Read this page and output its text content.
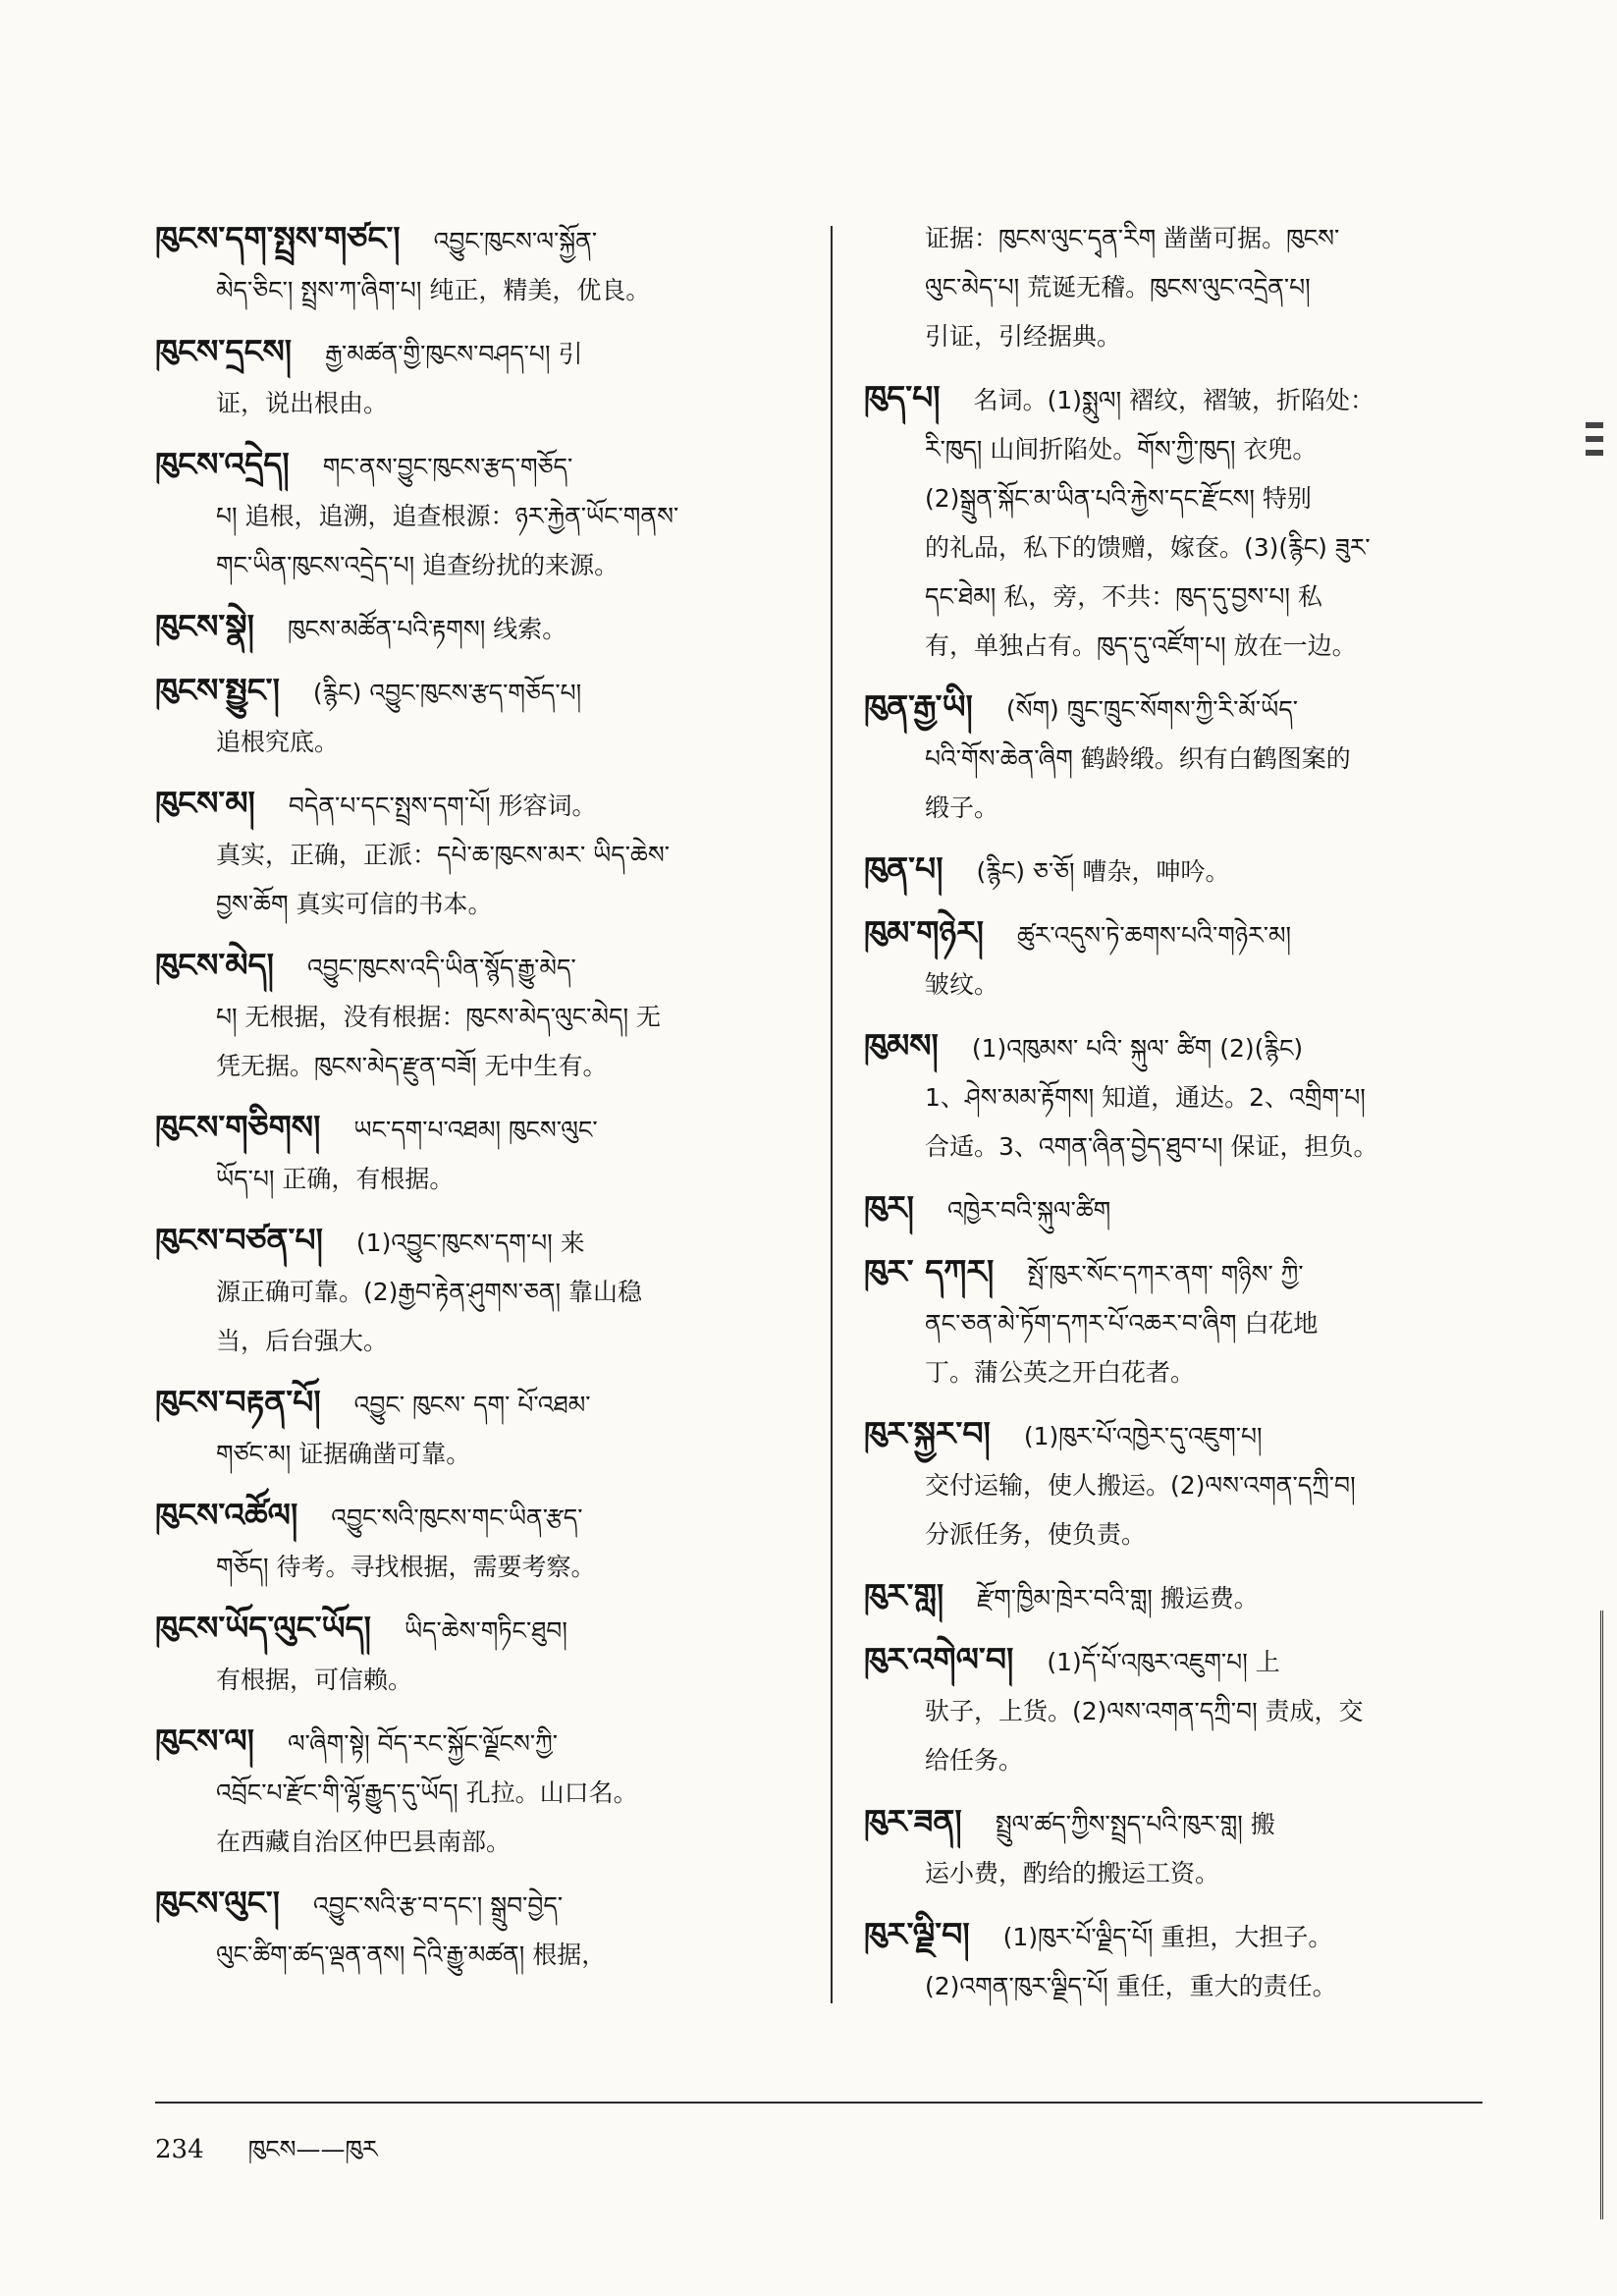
ཁུངས་དག་སྤྲས་གཙང་། འབྱུང་ཁུངས་ལ་སྐྱོན་
མེད་ཅིང་། སྤྲས་ཀ་ཞིག་པ། 纯正，精美，优良。
ཁུངས་དྲངས། རྒྱ་མཚན་གྱི་ཁུངས་བཤད་པ། 引
证，说出根由。
ཁུངས་འདྲེད། གང་ནས་བྱུང་ཁུངས་རྩད་གཅོད་
པ། 追根，追溯，追查根源：ཉར་རྐྱེན་ཡོང་གནས་
གང་ཡིན་ཁུངས་འདྲེད་པ། 追查纷扰的来源。
ཁུངས་སྣེ། ཁུངས་མཚོན་པའི་རྟགས། 线索。
ཁུངས་སྤྱུང་། (རྙིང) འབྱུང་ཁུངས་རྩད་གཅོད་པ།
追根究底。
ཁུངས་མ། བདེན་པ་དང་སྤྲས་དག་པོ། 形容词。
真实，正确，正派：དཔེ་ཆ་ཁུངས་མར་ ཡིད་ཆེས་
བྱས་ཆོག 真实可信的书本。
ཁུངས་མེད། འབྱུང་ཁུངས་འདི་ཡིན་སྙོད་རྒྱུ་མེད་
པ། 无根据，没有根据：ཁུངས་མེད་ལུང་མེད། 无
凭无据。ཁུངས་མེད་རྫུན་བཟོ། 无中生有。
ཁུངས་གཅིགས། ཡང་དག་པ་འཐམ། ཁུངས་ལུང་
ཡོད་པ། 正确，有根据。
ཁུངས་བཙན་པ། (1)འབྱུང་ཁུངས་དག་པ། 来
源正确可靠。(2)རྒྱབ་རྟེན་ཤུགས་ཅན། 靠山稳
当，后台强大。
ཁུངས་བརྟན་པོ། འབྱུང་ ཁུངས་ དག་ པོ་འཐམ་
གཙང་མ། 证据确凿可靠。
ཁུངས་འཚོལ། འབྱུང་སའི་ཁུངས་གང་ཡིན་རྩད་
གཅོད། 待考。寻找根据，需要考察。
ཁུངས་ཡོད་ལུང་ཡོད། ཡིད་ཆེས་གཏིང་ཐུབ།
有根据，可信赖。
ཁུངས་ལ། ལ་ཞིག་སྟེ། བོད་རང་སྐྱོང་ལྗོངས་ཀྱི་
འབྲོང་པ་རྫོང་གི་ལྷོ་རྒྱུད་དུ་ཡོད། 孔拉。山口名。
在西藏自治区仲巴县南部。
ཁུངས་ལུང་། འབྱུང་སའི་རྩ་བ་དང་། སྒྲུབ་བྱེད་
ལུང་ཚིག་ཚད་ལྡན་ནས། དེའི་རྒྱུ་མཚན། 根据，
证据：ཁུངས་ལུང་དྭན་རིག 凿凿可据。ཁུངས་
ལུང་མེད་པ། 荒诞无稽。ཁུངས་ལུང་འདྲེན་པ།
引证，引经据典。
ཁུད་པ། 名词。(1)སྨུལ། 褶纹，褶皱，折陷处：
རི་ཁུད། 山间折陷处。གོས་ཀྱི་ཁུད། 衣兜。
(2)སྒྲུན་སྐོང་མ་ཡིན་པའི་རྐྱེས་དང་རྫོངས། 特别
的礼品，私下的馈赠，嫁奁。(3)(རྙིང) ཟུར་
དང་ཐེམ། 私，旁，不共：ཁུད་དུ་བྱས་པ། 私
有，单独占有。ཁུད་དུ་འཛོག་པ། 放在一边。
ཁུན་རྒྱ་ཡི། (སོག) ཁྲུང་ཁྲུང་སོགས་ཀྱི་རི་མོ་ཡོད་
པའི་གོས་ཆེན་ཞིག 鹤龄缎。织有白鹤图案的
缎子。
ཁུན་པ། (རྙིང) ཅ་ཅོ། 嘈杂，呻吟。
ཁུམ་གཉེར། ཚུར་འདུས་ཏེ་ཆགས་པའི་གཉེར་མ།
皱纹。
ཁུམས། (1)འཁུམས་ པའི་ སྐུལ་ ཚིག (2)(རྙིང)
1、ཤེས་མམ་རྟོགས། 知道，通达。2、འགྲིག་པ།
合适。3、འགན་ཞིན་བྱེད་ཐུབ་པ། 保证，担负。
ཁུར། འཁྱེར་བའི་སྐུལ་ཚིག
ཁུར་ དཀར། སྤོ་ཁུར་སོང་དཀར་ནག་ གཉིས་ ཀྱི་
ནང་ཅན་མེ་ཏོག་དཀར་པོ་འཆར་བ་ཞིག 白花地
丁。蒲公英之开白花者。
ཁུར་སྐྱར་བ། (1)ཁུར་པོ་འཁྱེར་དུ་འཇུག་པ།
交付运输，使人搬运。(2)ལས་འགན་དཀྲི་བ།
分派任务，使负责。
ཁུར་གླ། རྫོག་ཁྱིམ་ཁྲེར་བའི་གླ། 搬运费。
ཁུར་འགེལ་བ། (1)དོ་པོ་འཁུར་འཇུག་པ། 上
驮子，上货。(2)ལས་འགན་དཀྲི་བ། 责成，交
给任务。
ཁུར་ཟན། སྤྲུལ་ཚད་ཀྱིས་སྤྲད་པའི་ཁུར་གླ། 搬
运小费，酌给的搬运工资。
ཁུར་ལྗི་བ། (1)ཁུར་པོ་ལྗིད་པོ། 重担，大担子。
(2)འགན་ཁུར་ལྗིད་པོ། 重任，重大的责任。
234 ཁུངས——ཁུར
